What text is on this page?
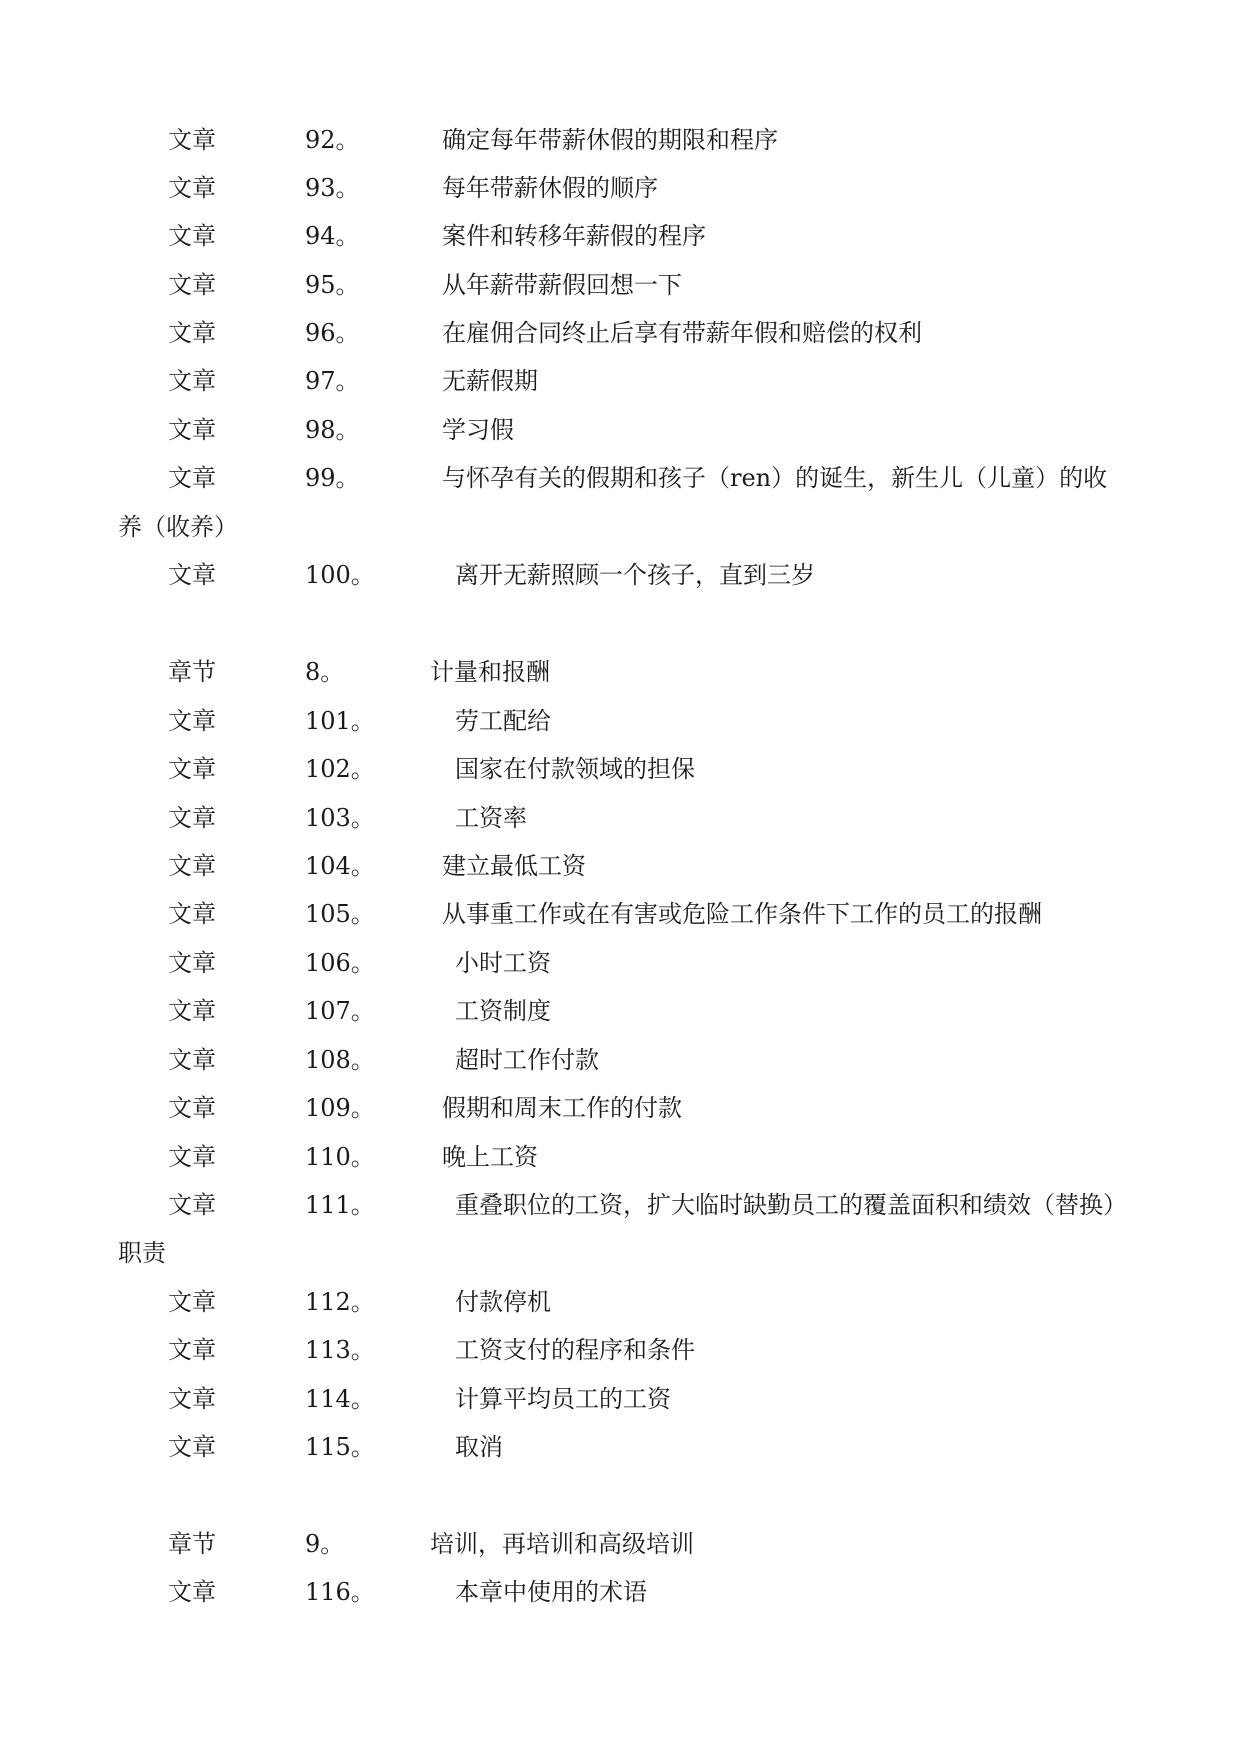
文章	92。	确定每年带薪休假的期限和程序
文章	93。	每年带薪休假的顺序
文章	94。	案件和转移年薪假的程序
文章	95。	从年薪带薪假回想一下
文章	96。	在雇佣合同终止后享有带薪年假和赔偿的权利
文章	97。	无薪假期
文章	98。	学习假
文章	99。	与怀孕有关的假期和孩子（ren）的诞生，新生儿（儿童）的收
养（收养）
文章	100。	离开无薪照顾一个孩子，直到三岁
章节	8。	计量和报酬
文章	101。	劳工配给
文章	102。	国家在付款领域的担保
文章	103。	工资率
文章	104。	建立最低工资
文章	105。	从事重工作或在有害或危险工作条件下工作的员工的报酬
文章	106。	小时工资
文章	107。	工资制度
文章	108。	超时工作付款
文章	109。	假期和周末工作的付款
文章	110。	晚上工资
文章	111。	重叠职位的工资，扩大临时缺勤员工的覆盖面积和绩效（替换）
职责
文章	112。	付款停机
文章	113。	工资支付的程序和条件
文章	114。	计算平均员工的工资
文章	115。	取消
章节	9。	培训，再培训和高级培训
文章	116。	本章中使用的术语
